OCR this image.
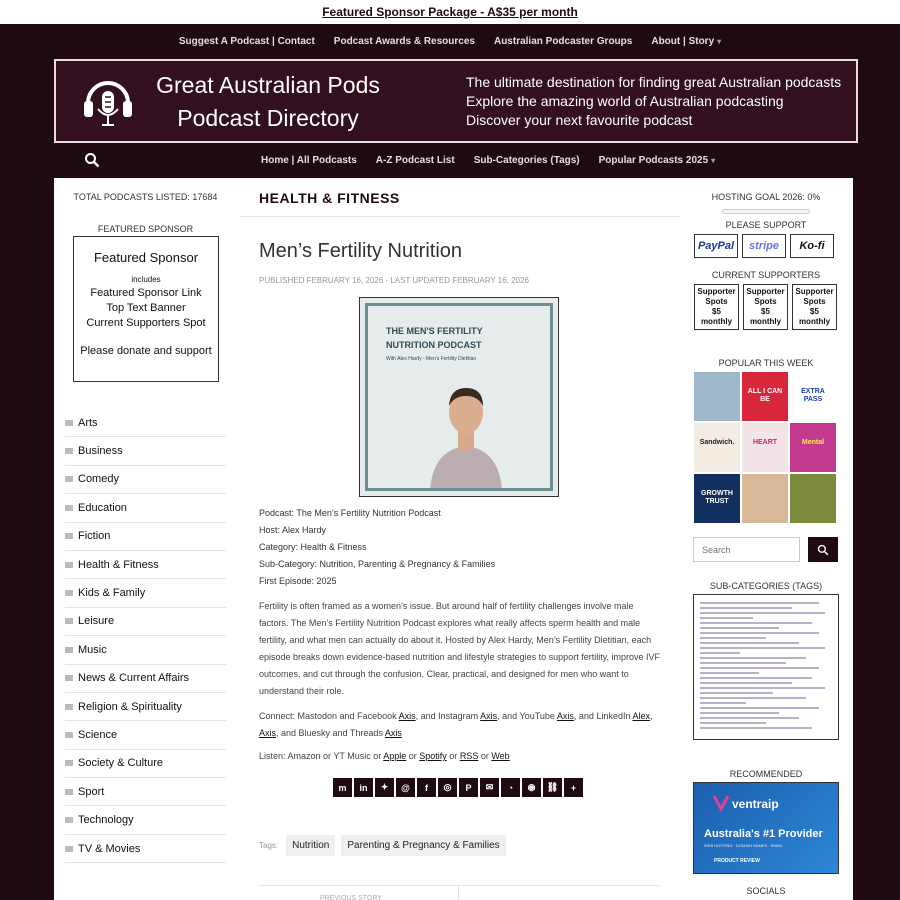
Featured Sponsor Package - A$35 per month
Suggest A Podcast | Contact Podcast Awards & Resources Australian Podcaster Groups About | Story ▾
Great Australian Pods
Podcast Directory
The ultimate destination for finding great Australian podcasts
Explore the amazing world of Australian podcasting
Discover your next favourite podcast
Home | All Podcasts A-Z Podcast List Sub-Categories (Tags) Popular Podcasts 2025 ▾
TOTAL PODCASTS LISTED: 17684
FEATURED SPONSOR
Featured Sponsor
includes
Featured Sponsor Link
Top Text Banner
Current Supporters Spot
Please donate and support
Arts
Business
Comedy
Education
Fiction
Health & Fitness
Kids & Family
Leisure
Music
News & Current Affairs
Religion & Spirituality
Science
Society & Culture
Sport
Technology
TV & Movies
HEALTH & FITNESS
Men’s Fertility Nutrition
PUBLISHED FEBRUARY 16, 2026 · LAST UPDATED FEBRUARY 16, 2026
THE MEN'S FERTILITY
NUTRITION PODCAST
With Alex Hardy - Men's Fertility Dietitian
Podcast: The Men’s Fertility Nutrition Podcast
Host: Alex Hardy
Category: Health & Fitness
Sub-Category: Nutrition, Parenting & Pregnancy & Families
First Episode: 2025

Fertility is often framed as a women’s issue. But around half of fertility challenges involve male factors. The Men’s Fertility Nutrition Podcast explores what really affects sperm health and male fertility, and what men can actually do about it. Hosted by Alex Hardy, Men’s Fertility Dietitian, each episode breaks down evidence-based nutrition and lifestyle strategies to support fertility, improve IVF outcomes, and cut through the confusion. Clear, practical, and designed for men who want to understand their role.

Connect: Mastodon and Facebook Axis, and Instagram Axis, and YouTube Axis, and LinkedIn Alex, Axis, and Bluesky and Threads Axis

Listen: Amazon or YT Music or Apple or Spotify or RSS or Web

m	in	✦	@	f	◎	P	✉	◔	◉	⛓	+
Tags:	Nutrition	Parenting & Pregnancy & Families
PREVIOUS STORY
HOSTING GOAL 2026: 0%
PLEASE SUPPORT
PayPal	stripe	Ko-fi
CURRENT SUPPORTERS
Supporter
Spots
$5
monthly
Supporter
Spots
$5
monthly
Supporter
Spots
$5
monthly
POPULAR THIS WEEK
ALL I CAN BE
EXTRA PASS
Sandwich.	HEART	Mental
GROWTH TRUST
Search
SUB-CATEGORIES (TAGS)
RECOMMENDED
ventraip
Australia's #1 Provider
WEB HOSTING · DOMAIN NAMES · EMAIL
PRODUCT REVIEW
SOCIALS
